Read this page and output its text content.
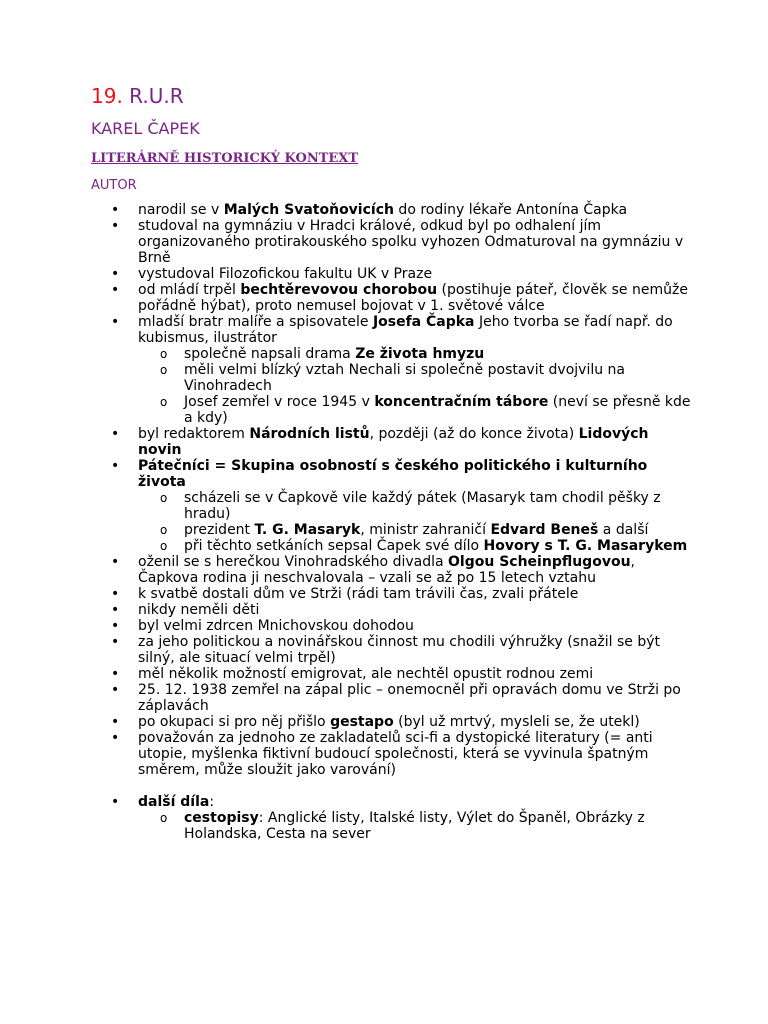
19. R.U.R
KAREL ČAPEK
LITERÁRNĚ HISTORICKÝ KONTEXT
AUTOR
• narodil se v Malých Svatoňovicích do rodiny lékaře Antonína Čapka
• studoval na gymnáziu v Hradci králové, odkud byl po odhalení jím organizovaného protirakouského spolku vyhozen Odmaturoval na gymnáziu v Brně
• vystudoval Filozofickou fakultu UK v Praze
• od mládí trpěl bechtěrevovou chorobou (postihuje páteř, člověk se nemůže pořádně hýbat), proto nemusel bojovat v 1. světové válce
• mladší bratr malíře a spisovatele Josefa Čapka Jeho tvorba se řadí např. do kubismus, ilustrátor
o společně napsali drama Ze života hmyzu
o měli velmi blízký vztah Nechali si společně postavit dvojvilu na Vinohradech
o Josef zemřel v roce 1945 v koncentračním tábore (neví se přesně kde a kdy)
• byl redaktorem Národních listů, později (až do konce života) Lidových novin
• Pátečníci = Skupina osobností s českého politického i kulturního života
o scházeli se v Čapkově vile každý pátek (Masaryk tam chodil pěšky z hradu)
o prezident T. G. Masaryk, ministr zahraničí Edvard Beneš a další
o při těchto setkáních sepsal Čapek své dílo Hovory s T. G. Masarykem
• oženil se s herečkou Vinohradského divadla Olgou Scheinpflugovou, Čapkova rodina ji neschvalovala – vzali se až po 15 letech vztahu
• k svatbě dostali dům ve Strži (rádi tam trávili čas, zvali přátele
• nikdy neměli děti
• byl velmi zdrcen Mnichovskou dohodou
• za jeho politickou a novinářskou činnost mu chodili výhružky (snažil se být silný, ale situací velmi trpěl)
• měl několik možností emigrovat, ale nechtěl opustit rodnou zemi
• 25. 12. 1938 zemřel na zápal plic – onemocněl při opravách domu ve Strži po záplavách
• po okupaci si pro něj přišlo gestapo (byl už mrtvý, mysleli se, že utekl)
• považován za jednoho ze zakladatelů sci-fi a dystopické literatury (= anti utopie, myšlenka fiktivní budoucí společnosti, která se vyvinula špatným směrem, může sloužit jako varování)
• další díla:
o cestopisy: Anglické listy, Italské listy, Výlet do Španěl, Obrázky z Holandska, Cesta na sever
